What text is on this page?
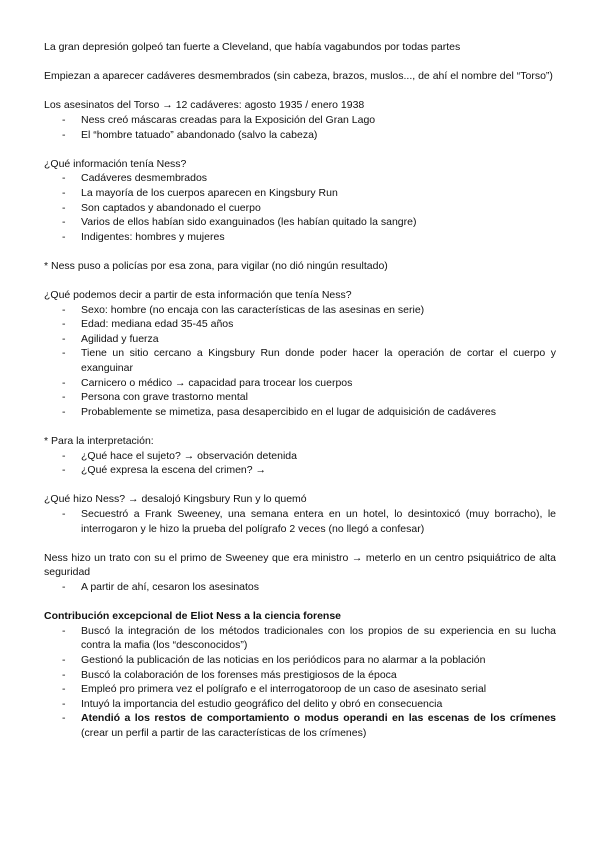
La gran depresión golpeó tan fuerte a Cleveland, que había vagabundos por todas partes

Empiezan a aparecer cadáveres desmembrados (sin cabeza, brazos, muslos..., de ahí el nombre del “Torso”)

Los asesinatos del Torso → 12 cadáveres: agosto 1935 / enero 1938

- Ness creó máscaras creadas para la Exposición del Gran Lago
- El “hombre tatuado” abandonado (salvo la cabeza)

¿Qué información tenía Ness?

- Cadáveres desmembrados
- La mayoría de los cuerpos aparecen en Kingsbury Run
- Son captados y abandonado el cuerpo
- Varios de ellos habían sido exanguinados (les habían quitado la sangre)
- Indigentes: hombres y mujeres

* Ness puso a policías por esa zona, para vigilar (no dió ningún resultado)

¿Qué podemos decir a partir de esta información que tenía Ness?

- Sexo: hombre (no encaja con las características de las asesinas en serie)
- Edad: mediana edad 35-45 años
- Agilidad y fuerza
- Tiene un sitio cercano a Kingsbury Run donde poder hacer la operación de cortar el cuerpo y exanguinar
- Carnicero o médico → capacidad para trocear los cuerpos
- Persona con grave trastorno mental
- Probablemente se mimetiza, pasa desapercibido en el lugar de adquisición de cadáveres

* Para la interpretación:

- ¿Qué hace el sujeto? → observación detenida
- ¿Qué expresa la escena del crimen? →

¿Qué hizo Ness? → desalojó Kingsbury Run y lo quemó

- Secuestró a Frank Sweeney, una semana entera en un hotel, lo desintoxicó (muy borracho), le interrogaron y le hizo la prueba del polígrafo 2 veces (no llegó a confesar)

Ness hizo un trato con su el primo de Sweeney que era ministro → meterlo en un centro psiquiátrico de alta seguridad

- A partir de ahí, cesaron los asesinatos

Contribución excepcional de Eliot Ness a la ciencia forense

- Buscó la integración de los métodos tradicionales con los propios de su experiencia en su lucha contra la mafia (los “desconocidos”)
- Gestionó la publicación de las noticias en los periódicos para no alarmar a la población
- Buscó la colaboración de los forenses más prestigiosos de la época
- Empleó pro primera vez el polígrafo e el interrogatoroop de un caso de asesinato serial
- Intuyó la importancia del estudio geográfico del delito y obró en consecuencia
- Atendió a los restos de comportamiento o modus operandi en las escenas de los crímenes (crear un perfil a partir de las características de los crímenes)
